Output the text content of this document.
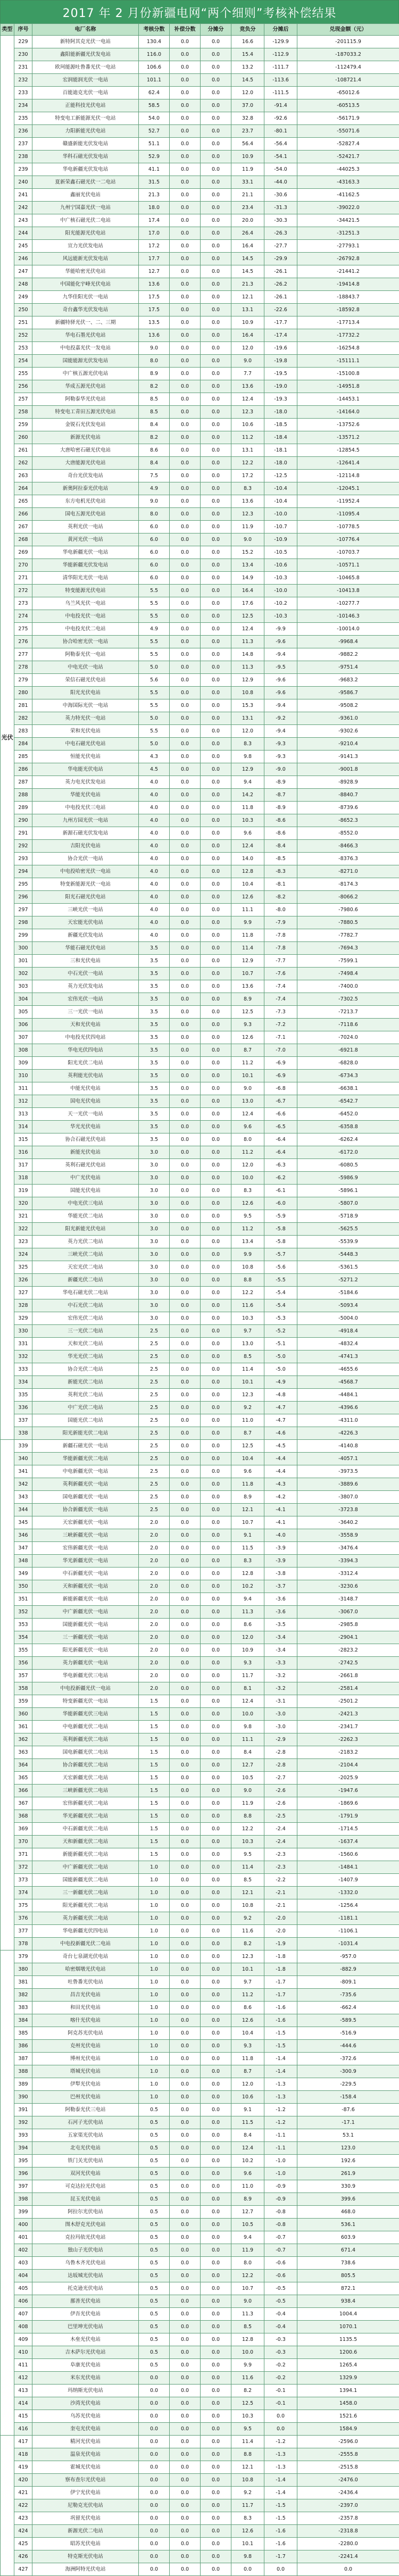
2017 年 2 月份新疆电网“两个细则”考核补偿结果
类型	序号	电厂名称	考核分数	补偿分数	分摊分	竞负分	分摊后	兑现金额（元）
光伏	229	新特阿其克光伏一电站	130.4	0.0	0.0	16.6	-129.9	-201115.9
	230	鑫阳能新疆光伏发电站	116.0	0.0	0.0	15.4	-112.9	-187033.2
	231	欧珂能源吐鲁番光伏一电站	106.6	0.0	0.0	13.2	-111.7	-112479.4
	232	宏润能润光伏一电站	101.1	0.0	0.0	14.5	-113.6	-108721.4
	233	百能迪克光伏一电站	62.4	0.0	0.0	12.0	-111.5	-65012.6
	234	正能科技光伏电站	58.5	0.0	0.0	37.0	-91.4	-60513.5
	235	特变电工新能源光伏一电站	54.0	0.0	0.0	32.8	-92.6	-56171.9
	236	力阳新能光伏电站	52.7	0.0	0.0	23.7	-80.1	-55071.6
	237	赣盛新能光伏发电站	51.1	0.0	0.0	56.4	-56.4	-52827.4
	238	华科石磁光伏发电站	52.9	0.0	0.0	10.9	-54.1	-52421.7
	239	华电新疆光伏发电站	41.1	0.0	0.0	11.9	-54.0	-44025.3
	240	夏新荣鑫石磁光伏一二电站	31.5	0.0	0.0	33.1	-44.0	-43163.3
	241	鑫丽光伏电站	21.3	0.0	0.0	21.1	-30.6	-41162.5
	242	九州宁国嘉光伏一电站	18.0	0.0	0.0	23.4	-31.3	-39022.0
	243	中广核石磁光伏二电站	17.4	0.0	0.0	20.0	-30.3	-34421.5
	244	阳光能源光伏电站	17.0	0.0	0.0	26.4	-26.3	-31251.3
	245	宣力光伏发电站	17.2	0.0	0.0	16.4	-27.7	-27793.1
	246	风远能新光伏发电站	17.7	0.0	0.0	14.5	-29.9	-26792.8
	247	华能哈密光伏电站	12.7	0.0	0.0	14.5	-26.1	-21441.2
	248	中国能化宇峰光伏电站	13.6	0.0	0.0	21.3	-26.2	-19414.8
	249	九华佳阳光伏一电站	17.5	0.0	0.0	12.1	-26.1	-18843.7
	250	奇台鑫华光伏发电站	17.5	0.0	0.0	13.1	-22.6	-18592.8
	251	新疆特驿光伏一、二、三期	13.5	0.0	0.0	10.9	-17.7	-17713.4
	252	华电石墨光伏电站	13.6	0.0	0.0	16.4	-17.4	-17732.2
	253	中电投嘉光伏一发电站	9.0	0.0	0.0	12.0	-19.6	-16254.8
	254	国能能源光伏发电站	8.0	0.0	0.0	9.0	-19.8	-15111.1
	255	中广核五源光伏电站	8.9	0.0	0.0	7.7	-19.5	-15100.8
	256	华成五源光伏电站	8.2	0.0	0.0	13.6	-19.0	-14951.8
	257	阿勒泰华光伏电站	8.5	0.0	0.0	12.4	-19.3	-14453.1
	258	特变电工青田五源光伏电站	8.5	0.0	0.0	12.3	-18.0	-14164.0
	259	金锐石光伏发电站	8.4	0.0	0.0	10.6	-18.5	-13752.6
	260	新源光伏电站	8.2	0.0	0.0	11.2	-18.4	-13571.2
	261	大唐哈密石磁光伏电站	8.6	0.0	0.0	13.1	-18.1	-12854.5
	262	大唐能源光伏电站	8.4	0.0	0.0	12.2	-18.0	-12641.4
	263	奇台光伏发电站	7.5	0.0	0.0	17.2	-12.5	-12114.8
	264	新奥阿拉泰光伏电站	4.9	0.0	0.0	8.3	-10.4	-12045.1
	265	东方电机光伏电站	9.0	0.0	0.0	13.6	-10.4	-11952.4
	266	国电五源光伏电站	8.0	0.0	0.0	12.3	-10.0	-11095.4
	267	英利光伏一电站	6.0	0.0	0.0	11.9	-10.7	-10778.5
	268	黄河光伏一电站	6.0	0.0	0.0	9.0	-10.9	-10776.4
	269	华电新疆光伏一电站	6.0	0.0	0.0	15.2	-10.5	-10703.7
	270	华能新疆光伏发电站	6.0	0.0	0.0	13.4	-10.6	-10571.1
	271	清华阳光光伏一电站	6.0	0.0	0.0	14.9	-10.3	-10465.8
	272	特变能源光伏电站	5.5	0.0	0.0	16.4	-10.0	-10413.8
	273	乌兰风光伏一电站	5.5	0.0	0.0	17.6	-10.2	-10277.7
	274	中电投光伏一电站	5.5	0.0	0.0	12.5	-10.3	-10146.3
	275	中电投光伏二电站	4.9	0.0	0.0	12.4	-9.9	-10014.0
	276	协合哈密光伏一电站	5.5	0.0	0.0	11.3	-9.6	-9968.4
	277	阿勒泰光伏一电站	5.5	0.0	0.0	14.8	-9.4	-9882.2
	278	中电光伏一电站	5.0	0.0	0.0	11.3	-9.5	-9751.4
	279	荣信石磁光伏电站	5.6	0.0	0.0	12.9	-9.6	-9683.2
	280	阳光光伏电站	5.5	0.0	0.0	10.8	-9.6	-9586.7
	281	中海国际光伏一电站	5.5	0.0	0.0	15.3	-9.4	-9508.2
	282	英力特光伏一电站	5.0	0.0	0.0	13.1	-9.2	-9361.0
	283	荣和光伏电站	5.5	0.0	0.0	12.0	-9.4	-9302.6
	284	中电石磁光伏电站	5.0	0.0	0.0	8.3	-9.3	-9210.4
	285	恒能光伏电站	4.3	0.0	0.0	9.8	-9.3	-9141.3
	286	华电能光伏电站	4.5	0.0	0.0	12.9	-9.0	-9001.8
	287	英力电光伏发电站	4.0	0.0	0.0	9.4	-8.9	-8928.9
	288	华能光伏电站	4.0	0.0	0.0	14.2	-8.7	-8840.7
	289	中电投光伏三电站	4.0	0.0	0.0	11.8	-8.9	-8739.6
	290	九州方园光伏一电站	4.0	0.0	0.0	10.3	-8.6	-8652.3
	291	新源石磁光伏发电站	4.0	0.0	0.0	9.6	-8.6	-8552.0
	292	吉阳光伏电站	4.0	0.0	0.0	12.4	-8.4	-8466.3
	293	协合光伏一电站	4.0	0.0	0.0	14.0	-8.5	-8376.3
	294	中电投哈密光伏一电站	4.0	0.0	0.0	12.8	-8.3	-8271.0
	295	特变新能源光伏一电站	4.0	0.0	0.0	10.4	-8.1	-8174.3
	296	阳光石磁光伏电站	4.0	0.0	0.0	12.6	-8.2	-8066.2
	297	三峡光伏一电站	4.0	0.0	0.0	11.1	-8.0	-7980.6
	298	天宏能光伏电站	4.0	0.0	0.0	9.9	-7.9	-7880.5
	299	新疆光伏发电站	4.0	0.0	0.0	11.8	-7.8	-7782.7
	300	华能石磁光伏电站	3.5	0.0	0.0	11.4	-7.8	-7694.3
	301	三和光伏电站	3.5	0.0	0.0	12.9	-7.7	-7599.1
	302	中石光伏一电站	3.5	0.0	0.0	10.7	-7.6	-7498.4
	303	英力光伏发电站	3.5	0.0	0.0	13.6	-7.4	-7400.0
	304	宏伟光伏一电站	3.5	0.0	0.0	8.9	-7.4	-7302.5
	305	三一光伏一电站	3.5	0.0	0.0	12.5	-7.3	-7213.7
	306	天和光伏电站	3.5	0.0	0.0	9.3	-7.2	-7118.6
	307	中电投光伏四电站	3.5	0.0	0.0	12.6	-7.1	-7024.0
	308	华电光伏四电站	3.5	0.0	0.0	8.7	-7.0	-6921.8
	309	阳光光伏二电站	3.5	0.0	0.0	11.2	-6.9	-6828.0
	310	英利能光伏电站	3.5	0.0	0.0	10.1	-6.9	-6734.3
	311	中能光伏电站	3.5	0.0	0.0	9.0	-6.8	-6638.1
	312	国电光伏电站	3.5	0.0	0.0	13.0	-6.7	-6542.7
	313	天一光伏一电站	3.5	0.0	0.0	12.4	-6.6	-6452.0
	314	华光光伏电站	3.5	0.0	0.0	9.6	-6.5	-6358.8
	315	协合石磁光伏电站	3.5	0.0	0.0	8.0	-6.4	-6262.4
	316	新能光伏电站	3.0	0.0	0.0	11.2	-6.4	-6172.0
	317	英利石磁光伏电站	3.0	0.0	0.0	12.0	-6.3	-6080.5
	318	中广光伏电站	3.0	0.0	0.0	10.0	-6.2	-5986.9
	319	国能光伏电站	3.0	0.0	0.0	8.3	-6.1	-5896.1
	320	中电光伏三电站	3.0	0.0	0.0	12.6	-6.0	-5807.0
	321	华能光伏二电站	3.0	0.0	0.0	9.5	-5.9	-5718.9
	322	阳光新能光伏电站	3.0	0.0	0.0	11.2	-5.8	-5625.5
	323	英力光伏二电站	3.0	0.0	0.0	13.4	-5.8	-5539.9
	324	三峡光伏二电站	3.0	0.0	0.0	9.9	-5.7	-5448.3
	325	天宏光伏二电站	3.0	0.0	0.0	10.8	-5.6	-5361.5
	326	新疆光伏二电站	3.0	0.0	0.0	8.8	-5.5	-5271.2
	327	华电石磁光伏二电站	3.0	0.0	0.0	12.2	-5.4	-5184.6
	328	中石光伏二电站	3.0	0.0	0.0	11.6	-5.4	-5093.4
	329	宏伟光伏二电站	3.0	0.0	0.0	10.3	-5.3	-5004.0
	330	三一光伏二电站	2.5	0.0	0.0	9.7	-5.2	-4918.4
	331	天和光伏二电站	2.5	0.0	0.0	13.0	-5.1	-4832.4
	332	华光光伏二电站	2.5	0.0	0.0	8.5	-5.0	-4741.3
	333	协合光伏二电站	2.5	0.0	0.0	11.4	-5.0	-4655.6
	334	新能光伏二电站	2.5	0.0	0.0	10.1	-4.9	-4568.7
	335	英利光伏二电站	2.5	0.0	0.0	12.3	-4.8	-4484.1
	336	中广光伏二电站	2.5	0.0	0.0	9.2	-4.7	-4396.6
	337	国能光伏二电站	2.5	0.0	0.0	11.0	-4.7	-4311.0
	338	阳光新能光伏二电站	2.5	0.0	0.0	8.7	-4.6	-4226.3
	339	新疆石磁光伏一电站	2.5	0.0	0.0	12.5	-4.5	-4140.8
	340	华能新疆光伏二电站	2.5	0.0	0.0	10.4	-4.4	-4057.1
	341	中电新疆光伏一电站	2.5	0.0	0.0	9.6	-4.4	-3973.5
	342	英利新疆光伏一电站	2.5	0.0	0.0	11.8	-4.3	-3889.6
	343	国电新疆光伏一电站	2.5	0.0	0.0	8.9	-4.2	-3807.0
	344	协合新疆光伏一电站	2.5	0.0	0.0	12.1	-4.1	-3723.8
	345	天宏新疆光伏一电站	2.0	0.0	0.0	10.7	-4.1	-3640.2
	346	三峡新疆光伏一电站	2.0	0.0	0.0	9.1	-4.0	-3558.9
	347	宏伟新疆光伏一电站	2.0	0.0	0.0	11.5	-3.9	-3476.4
	348	华光新疆光伏一电站	2.0	0.0	0.0	8.3	-3.9	-3394.3
	349	中石新疆光伏一电站	2.0	0.0	0.0	12.8	-3.8	-3312.4
	350	天和新疆光伏一电站	2.0	0.0	0.0	10.2	-3.7	-3230.6
	351	新能新疆光伏一电站	2.0	0.0	0.0	9.4	-3.6	-3148.7
	352	中广新疆光伏一电站	2.0	0.0	0.0	11.3	-3.6	-3067.0
	353	国能新疆光伏一电站	2.0	0.0	0.0	8.6	-3.5	-2985.8
	354	三一新疆光伏一电站	2.0	0.0	0.0	12.0	-3.4	-2904.1
	355	阳光新疆光伏一电站	2.0	0.0	0.0	10.9	-3.4	-2823.2
	356	英力新疆光伏一电站	2.0	0.0	0.0	9.3	-3.3	-2742.5
	357	华电新疆光伏三电站	2.0	0.0	0.0	11.7	-3.2	-2661.8
	358	中电投新疆光伏一电站	2.0	0.0	0.0	8.1	-3.2	-2581.4
	359	特变新疆光伏一电站	1.5	0.0	0.0	12.4	-3.1	-2501.2
	360	华能新疆光伏三电站	1.5	0.0	0.0	10.0	-3.0	-2421.3
	361	中电新疆光伏二电站	1.5	0.0	0.0	9.8	-3.0	-2341.7
	362	英利新疆光伏二电站	1.5	0.0	0.0	11.1	-2.9	-2262.3
	363	国电新疆光伏二电站	1.5	0.0	0.0	8.4	-2.8	-2183.2
	364	协合新疆光伏二电站	1.5	0.0	0.0	12.7	-2.8	-2104.4
	365	天宏新疆光伏二电站	1.5	0.0	0.0	10.5	-2.7	-2025.9
	366	三峡新疆光伏二电站	1.5	0.0	0.0	9.0	-2.6	-1947.6
	367	宏伟新疆光伏二电站	1.5	0.0	0.0	11.9	-2.6	-1869.6
	368	华光新疆光伏二电站	1.5	0.0	0.0	8.8	-2.5	-1791.9
	369	中石新疆光伏二电站	1.5	0.0	0.0	12.2	-2.4	-1714.5
	370	天和新疆光伏二电站	1.5	0.0	0.0	10.3	-2.4	-1637.4
	371	新能新疆光伏二电站	1.5	0.0	0.0	9.5	-2.3	-1560.6
	372	中广新疆光伏二电站	1.0	0.0	0.0	11.4	-2.3	-1484.1
	373	国能新疆光伏二电站	1.0	0.0	0.0	8.5	-2.2	-1407.9
	374	三一新疆光伏二电站	1.0	0.0	0.0	12.1	-2.1	-1332.0
	375	阳光新疆光伏二电站	1.0	0.0	0.0	10.8	-2.1	-1256.4
	376	英力新疆光伏二电站	1.0	0.0	0.0	9.2	-2.0	-1181.1
	377	华电新疆光伏四电站	1.0	0.0	0.0	11.6	-2.0	-1106.1
	378	中电投新疆光伏二电站	1.0	0.0	0.0	8.2	-1.9	-1031.4
	379	奇台七泉湖光伏电站	1.0	0.0	0.0	12.3	-1.8	-957.0
	380	哈密烟墩光伏电站	1.0	0.0	0.0	10.1	-1.8	-882.9
	381	吐鲁番光伏电站	1.0	0.0	0.0	9.7	-1.7	-809.1
	382	昌吉光伏电站	1.0	0.0	0.0	11.2	-1.7	-735.6
	383	和田光伏电站	1.0	0.0	0.0	8.6	-1.6	-662.4
	384	喀什光伏电站	1.0	0.0	0.0	12.6	-1.6	-589.5
	385	阿克苏光伏电站	1.0	0.0	0.0	10.4	-1.5	-516.9
	386	克州光伏电站	1.0	0.0	0.0	9.3	-1.5	-444.6
	387	博州光伏电站	1.0	0.0	0.0	11.8	-1.4	-372.6
	388	塔城光伏电站	1.0	0.0	0.0	8.7	-1.4	-300.9
	389	伊犁光伏电站	1.0	0.0	0.0	12.0	-1.3	-229.5
	390	巴州光伏电站	1.0	0.0	0.0	10.6	-1.3	-158.4
	391	阿勒泰光伏三电站	0.5	0.0	0.0	9.1	-1.2	-87.6
	392	石河子光伏电站	0.5	0.0	0.0	11.5	-1.2	-17.1
	393	五家渠光伏电站	0.5	0.0	0.0	8.4	-1.1	53.1
	394	北屯光伏电站	0.5	0.0	0.0	12.4	-1.1	123.0
	395	铁门关光伏电站	0.5	0.0	0.0	10.2	-1.0	192.6
	396	双河光伏电站	0.5	0.0	0.0	9.6	-1.0	261.9
	397	可克达拉光伏电站	0.5	0.0	0.0	11.0	-0.9	330.9
	398	昆玉光伏电站	0.5	0.0	0.0	8.9	-0.9	399.6
	399	阿拉尔光伏电站	0.5	0.0	0.0	12.7	-0.8	468.0
	400	图木舒克光伏电站	0.5	0.0	0.0	10.5	-0.8	536.1
	401	克拉玛依光伏电站	0.5	0.0	0.0	9.4	-0.7	603.9
	402	独山子光伏电站	0.5	0.0	0.0	11.9	-0.7	671.4
	403	乌鲁木齐光伏电站	0.5	0.0	0.0	8.0	-0.6	738.6
	404	达坂城光伏电站	0.5	0.0	0.0	12.2	-0.6	805.5
	405	托克逊光伏电站	0.5	0.0	0.0	10.7	-0.5	872.1
	406	鄯善光伏电站	0.5	0.0	0.0	9.0	-0.5	938.4
	407	伊吾光伏电站	0.5	0.0	0.0	11.3	-0.4	1004.4
	408	巴里坤光伏电站	0.5	0.0	0.0	8.5	-0.4	1070.1
	409	木垒光伏电站	0.5	0.0	0.0	12.8	-0.3	1135.5
	410	吉木萨尔光伏电站	0.5	0.0	0.0	10.0	-0.3	1200.6
	411	阜康光伏电站	0.5	0.0	0.0	9.9	-0.2	1265.4
	412	米东光伏电站	0.0	0.0	0.0	11.6	-0.2	1329.9
	413	玛纳斯光伏电站	0.0	0.0	0.0	8.2	-0.1	1394.1
	414	沙湾光伏电站	0.0	0.0	0.0	12.5	-0.1	1458.0
	415	乌苏光伏电站	0.0	0.0	0.0	10.3	0.0	1521.6
	416	奎屯光伏电站	0.0	0.0	0.0	9.5	0.0	1584.9
	417	精河光伏电站	0.0	0.0	0.0	11.4	-1.2	-2596.0
	418	温泉光伏电站	0.0	0.0	0.0	8.8	-1.3	-2555.8
	419	霍城光伏电站	0.0	0.0	0.0	12.1	-1.3	-2515.8
	420	察布查尔光伏电站	0.0	0.0	0.0	10.8	-1.4	-2476.0
	421	伊宁光伏电站	0.0	0.0	0.0	9.2	-1.4	-2436.4
	422	尼勒克光伏电站	0.0	0.0	0.0	11.7	-1.5	-2397.0
	423	巩留光伏电站	0.0	0.0	0.0	8.3	-1.5	-2357.8
	424	新源光伏二电站	0.0	0.0	0.0	12.6	-1.6	-2318.8
	425	昭苏光伏电站	0.0	0.0	0.0	10.1	-1.6	-2280.0
	426	特克斯光伏电站	0.0	0.0	0.0	9.8	-1.7	-2241.4
	427	海洲阿特光伏电站	0.0	0.0	0.0	0.0	0.0	0.0
